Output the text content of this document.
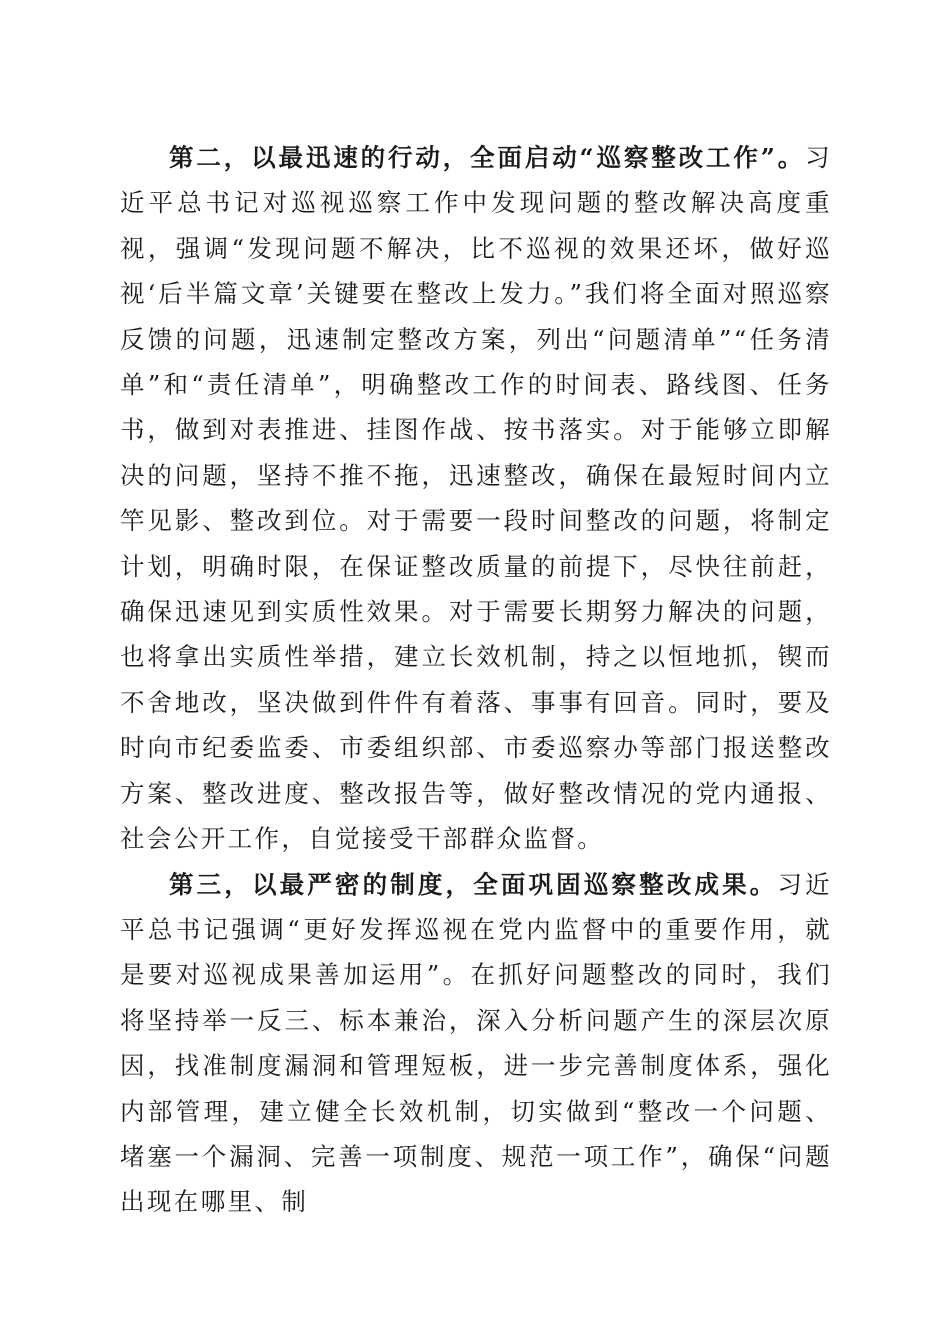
第二，以最迅速的行动，全面启动“巡察整改工作”。习近平总书记对巡视巡察工作中发现问题的整改解决高度重视，强调“发现问题不解决，比不巡视的效果还坏，做好巡视‘后半篇文章’关键要在整改上发力。”我们将全面对照巡察反馈的问题，迅速制定整改方案，列出“问题清单”“任务清单”和“责任清单”，明确整改工作的时间表、路线图、任务书，做到对表推进、挂图作战、按书落实。对于能够立即解决的问题，坚持不推不拖，迅速整改，确保在最短时间内立竿见影、整改到位。对于需要一段时间整改的问题，将制定计划，明确时限，在保证整改质量的前提下，尽快往前赶，确保迅速见到实质性效果。对于需要长期努力解决的问题，也将拿出实质性举措，建立长效机制，持之以恒地抓，锲而不舍地改，坚决做到件件有着落、事事有回音。同时，要及时向市纪委监委、市委组织部、市委巡察办等部门报送整改方案、整改进度、整改报告等，做好整改情况的党内通报、社会公开工作，自觉接受干部群众监督。

第三，以最严密的制度，全面巩固巡察整改成果。习近平总书记强调“更好发挥巡视在党内监督中的重要作用，就是要对巡视成果善加运用”。在抓好问题整改的同时，我们将坚持举一反三、标本兼治，深入分析问题产生的深层次原因，找准制度漏洞和管理短板，进一步完善制度体系，强化内部管理，建立健全长效机制，切实做到“整改一个问题、堵塞一个漏洞、完善一项制度、规范一项工作”，确保“问题出现在哪里、制
